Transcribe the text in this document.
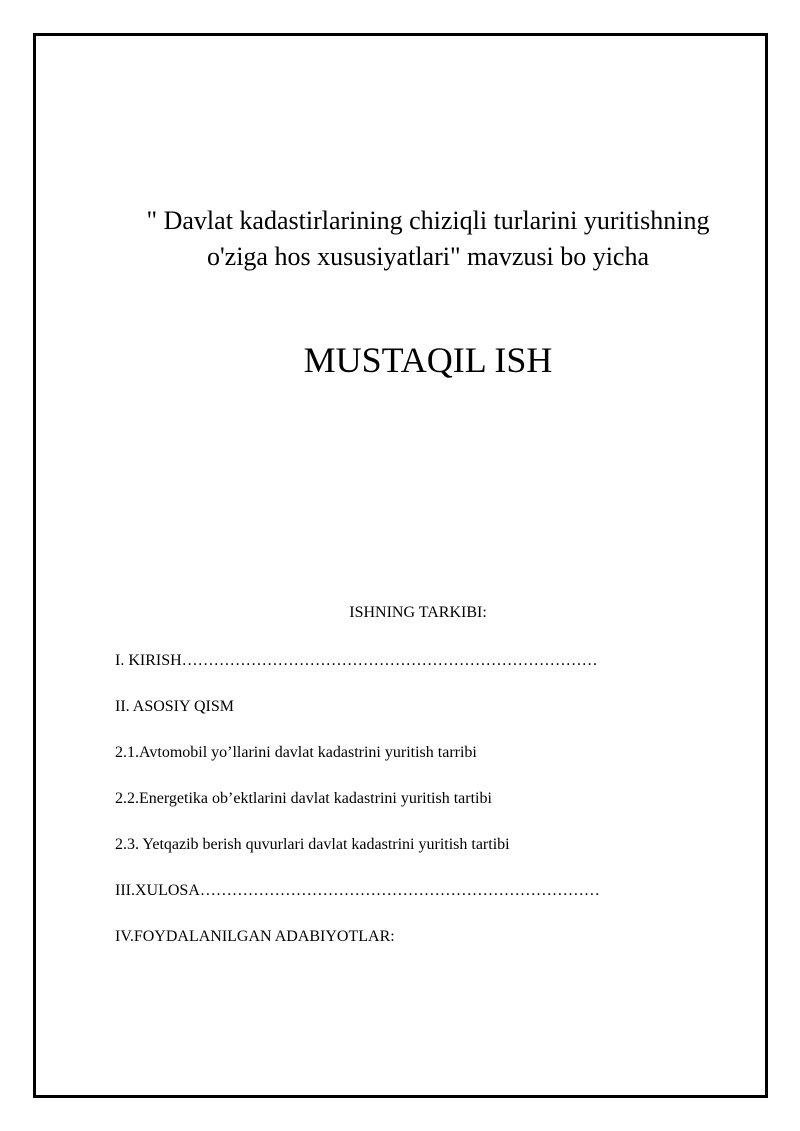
" Davlat kadastirlarining chiziqli turlarini yuritishning o'ziga hos xususiyatlari" mavzusi bo yicha
MUSTAQIL ISH
ISHNING TARKIBI:
I. KIRISH……………………………………………………………………
II. ASOSIY QISM
2.1.Avtomobil yo’llarini davlat kadastrini yuritish tarribi
2.2.Energetika ob’ektlarini davlat kadastrini yuritish tartibi
2.3. Yetqazib berish quvurlari davlat kadastrini yuritish tartibi
III.XULOSA…………………………………………………………………
IV.FOYDALANILGAN ADABIYOTLAR:
